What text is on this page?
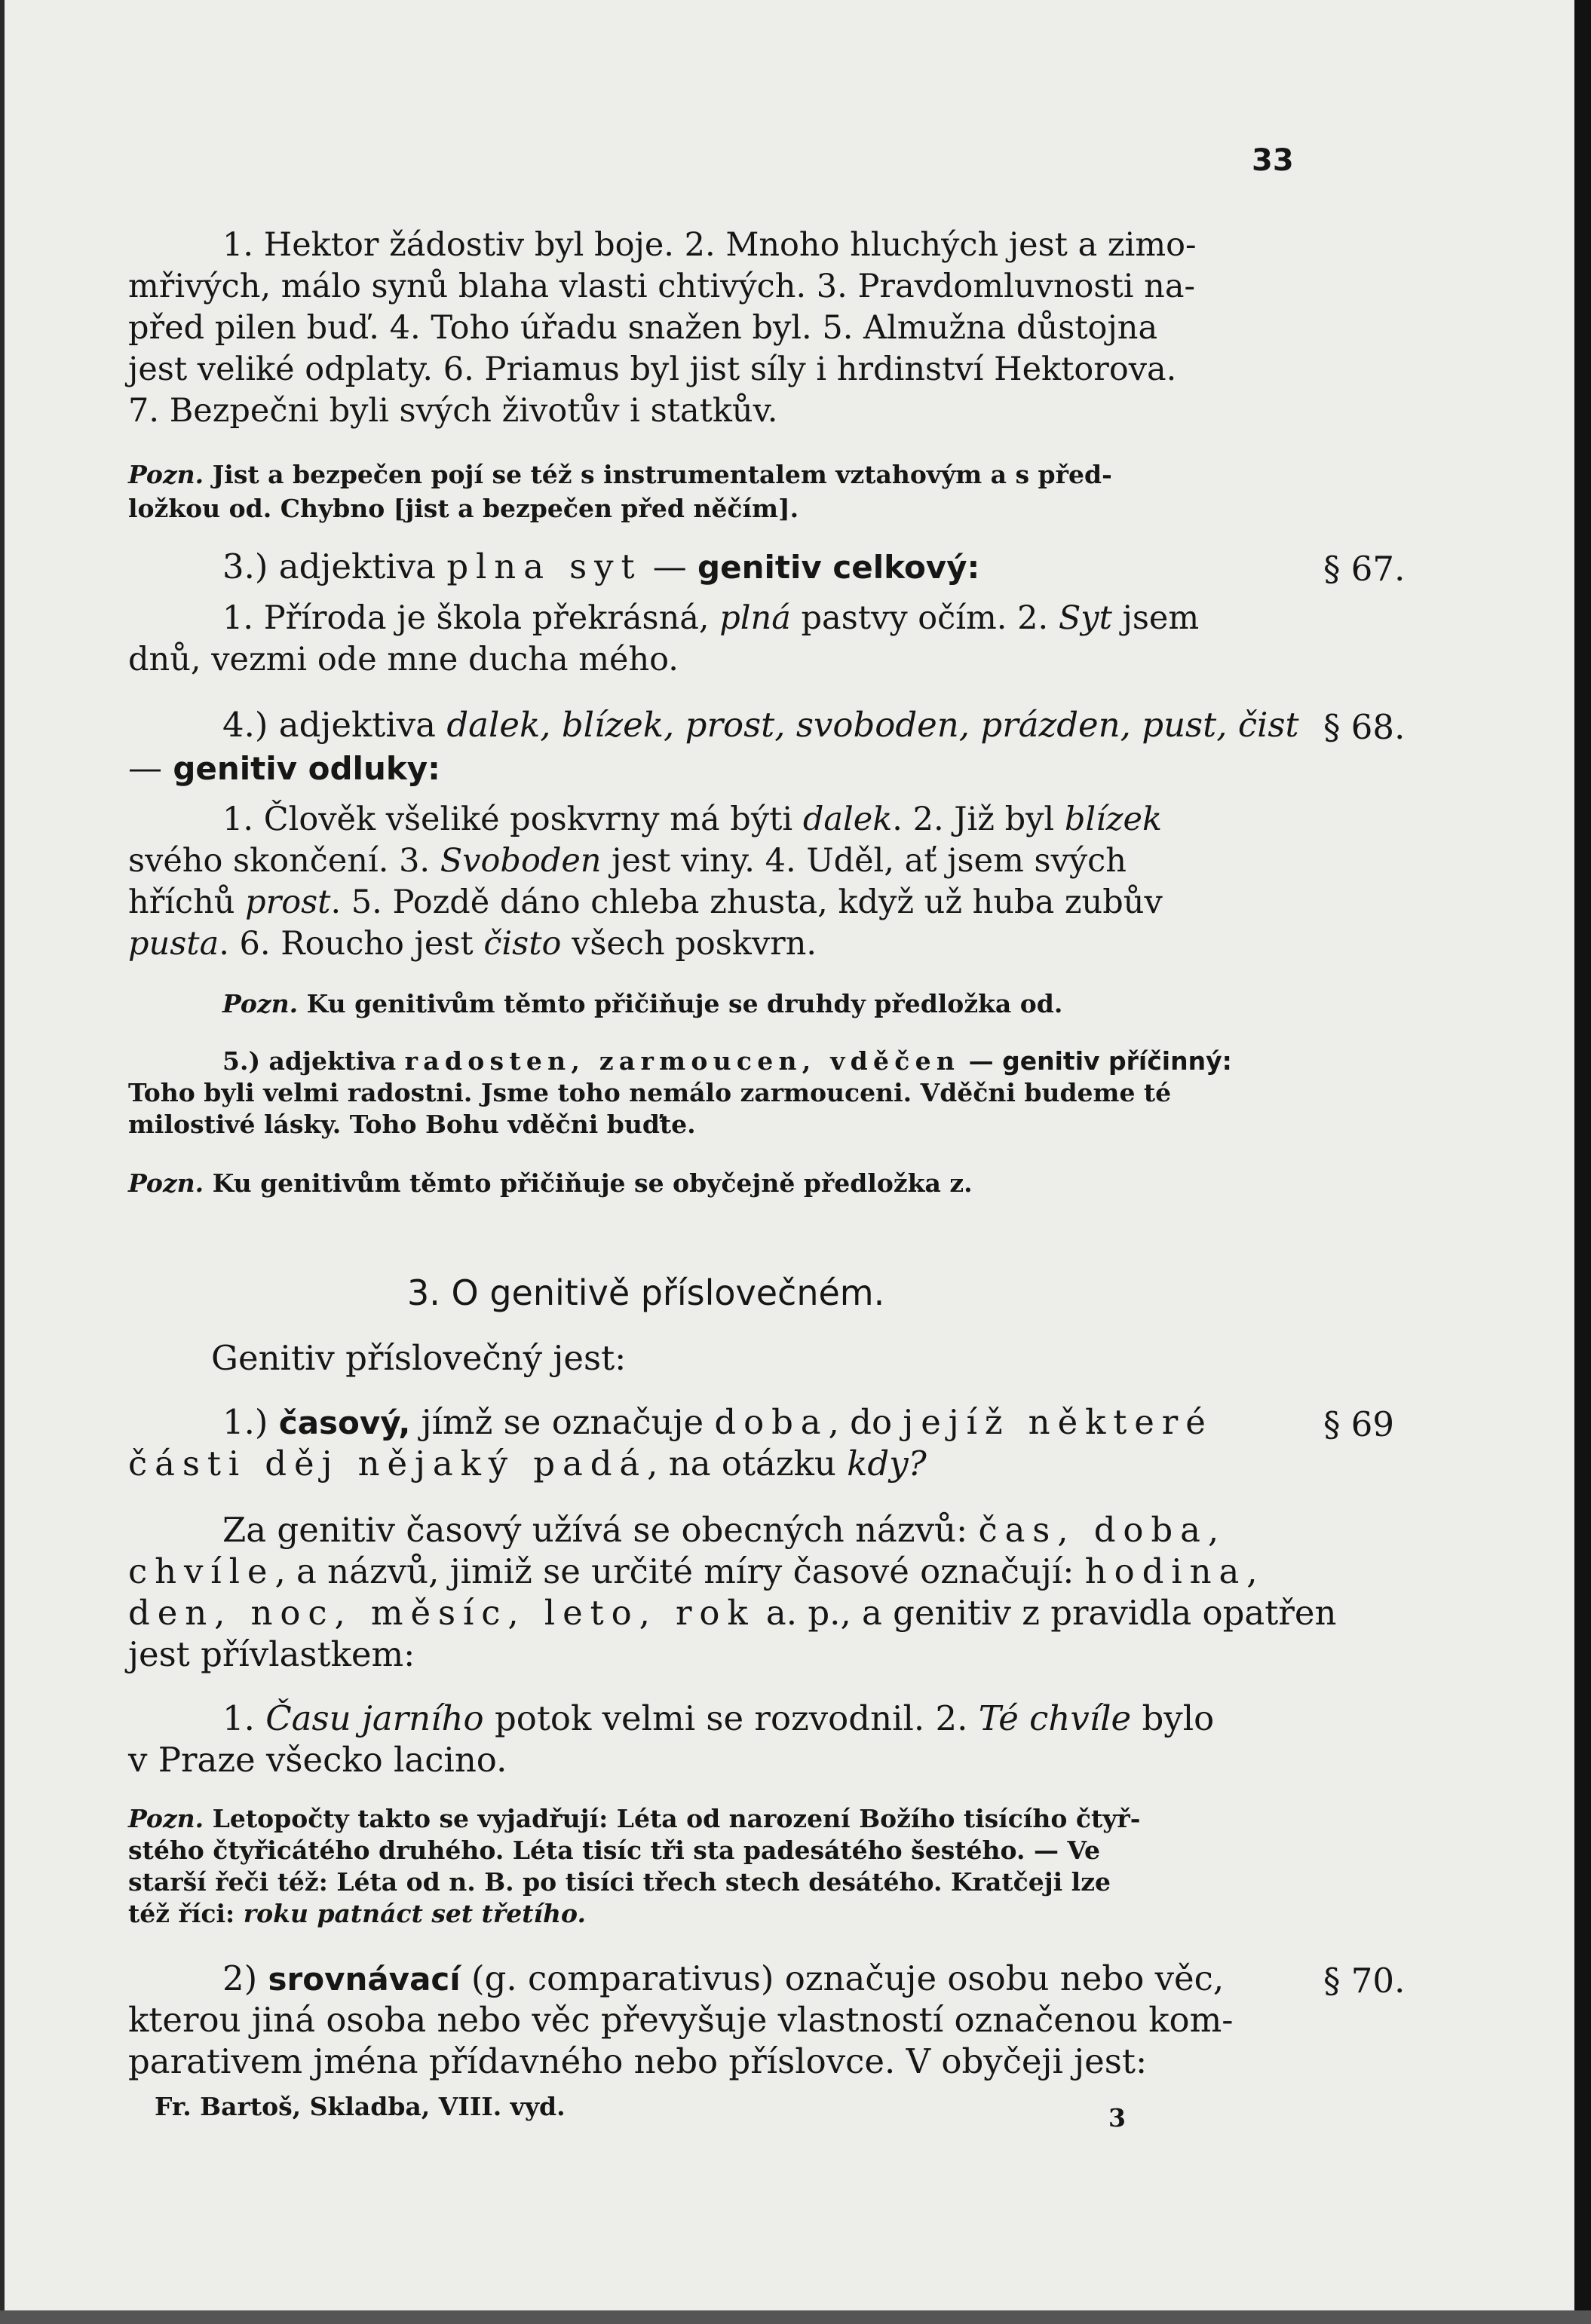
33
1. Hektor žádostiv byl boje. 2. Mnoho hluchých jest a zimo-
mřivých, málo synů blaha vlasti chtivých. 3. Pravdomluvnosti na-
před pilen buď. 4. Toho úřadu snažen byl. 5. Almužna důstojna
jest veliké odplaty. 6. Priamus byl jist síly i hrdinství Hektorova.
7. Bezpečni byli svých životův i statkův.
Pozn. Jist a bezpečen pojí se též s instrumentalem vztahovým a s před-
ložkou od. Chybno [jist a bezpečen před něčím].
3.) adjektiva plna syt — genitiv celkový:	§ 67.
1. Příroda je škola překrásná, plná pastvy očím. 2. Syt jsem
dnů, vezmi ode mne ducha mého.
4.) adjektiva dalek, blízek, prost, svoboden, prázden, pust, čist § 68.
— genitiv odluky:
1. Člověk všeliké poskvrny má býti dalek. 2. Již byl blízek
svého skončení. 3. Svoboden jest viny. 4. Uděl, ať jsem svých
hříchů prost. 5. Pozdě dáno chleba zhusta, když už huba zubův
pusta. 6. Roucho jest čisto všech poskvrn.
Pozn. Ku genitivům těmto přičiňuje se druhdy předložka od.
5.) adjektiva radosten, zarmoucen, vděčen — genitiv příčinný:
Toho byli velmi radostni. Jsme toho nemálo zarmouceni. Vděčni budeme té
milostivé lásky. Toho Bohu vděčni buďte.
Pozn. Ku genitivům těmto přičiňuje se obyčejně předložka z.
3. O genitivě příslovečném.
Genitiv příslovečný jest:
1.) časový, jímž se označuje doba, do jejíž některé	§ 69
části děj nějaký padá, na otázku kdy?
Za genitiv časový užívá se obecných názvů: čas, doba,
chvíle, a názvů, jimiž se určité míry časové označují: hodina,
den, noc, měsíc, leto, rok a. p., a genitiv z pravidla opatřen
jest přívlastkem:
1. Času jarního potok velmi se rozvodnil. 2. Té chvíle bylo
v Praze všecko lacino.
Pozn. Letopočty takto se vyjadřují: Léta od narození Božího tisícího čtyř-
stého čtyřicátého druhého. Léta tisíc tři sta padesátého šestého. — Ve
starší řeči též: Léta od n. B. po tisíci třech stech desátého. Kratčeji lze
též říci: roku patnáct set třetího.
2) srovnávací (g. comparativus) označuje osobu nebo věc,	§ 70.
kterou jiná osoba nebo věc převyšuje vlastností označenou kom-
parativem jména přídavného nebo příslovce. V obyčeji jest:
Fr. Bartoš, Skladba, VIII. vyd.	3
